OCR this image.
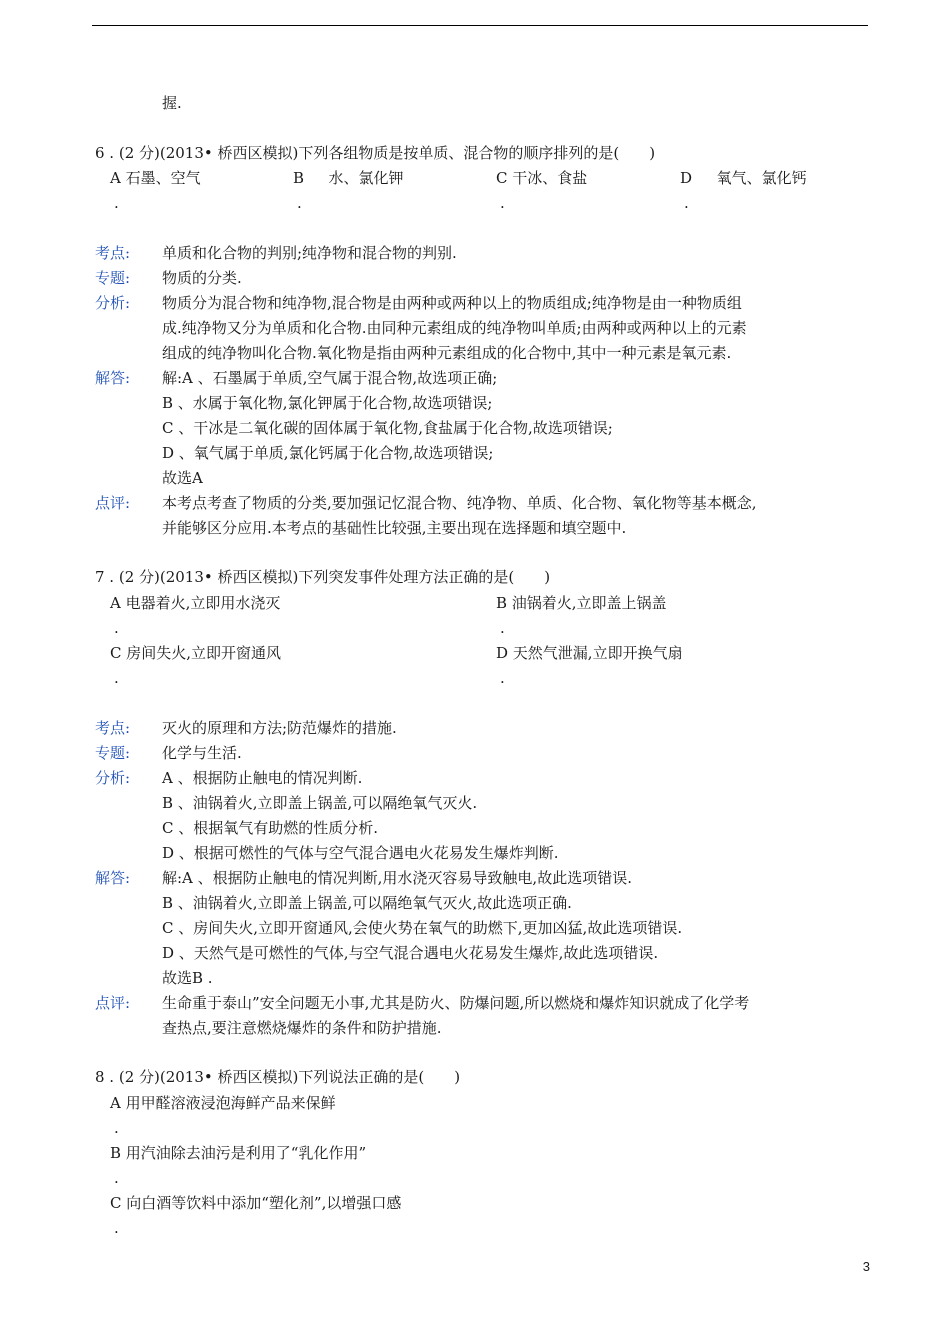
握.
6 . (2 分)(2013• 桥西区模拟)下列各组物质是按单质、混合物的顺序排列的是(　　)
A 石墨、空气	B  　水、氯化钾	C 干冰、食盐	D  　氧气、氯化钙
.	.	.	.
考点: 单质和化合物的判别;纯净物和混合物的判别.
专题: 物质的分类.
分析: 物质分为混合物和纯净物,混合物是由两种或两种以上的物质组成;纯净物是由一种物质组
成.纯净物又分为单质和化合物.由同种元素组成的纯净物叫单质;由两种或两种以上的元素
组成的纯净物叫化合物.氧化物是指由两种元素组成的化合物中,其中一种元素是氧元素.
解答: 解:A 、石墨属于单质,空气属于混合物,故选项正确;
B 、水属于氧化物,氯化钾属于化合物,故选项错误;
C 、干冰是二氧化碳的固体属于氧化物,食盐属于化合物,故选项错误;
D 、氧气属于单质,氯化钙属于化合物,故选项错误;
故选A
点评: 本考点考查了物质的分类,要加强记忆混合物、纯净物、单质、化合物、氧化物等基本概念,
并能够区分应用.本考点的基础性比较强,主要出现在选择题和填空题中.
7 . (2 分)(2013• 桥西区模拟)下列突发事件处理方法正确的是(　　)
A 电器着火,立即用水浇灭	B 油锅着火,立即盖上锅盖
.	.
C 房间失火,立即开窗通风	D 天然气泄漏,立即开换气扇
.	.
考点: 灭火的原理和方法;防范爆炸的措施.
专题: 化学与生活.
分析: A 、根据防止触电的情况判断.
B 、油锅着火,立即盖上锅盖,可以隔绝氧气灭火.
C 、根据氧气有助燃的性质分析.
D 、根据可燃性的气体与空气混合遇电火花易发生爆炸判断.
解答: 解:A 、根据防止触电的情况判断,用水浇灭容易导致触电,故此选项错误.
B 、油锅着火,立即盖上锅盖,可以隔绝氧气灭火,故此选项正确.
C 、房间失火,立即开窗通风,会使火势在氧气的助燃下,更加凶猛,故此选项错误.
D 、天然气是可燃性的气体,与空气混合遇电火花易发生爆炸,故此选项错误.
故选B .
点评: 生命重于泰山”安全问题无小事,尤其是防火、防爆问题,所以燃烧和爆炸知识就成了化学考
查热点,要注意燃烧爆炸的条件和防护措施.
8 . (2 分)(2013• 桥西区模拟)下列说法正确的是(　　)
A 用甲醛溶液浸泡海鲜产品来保鲜
.
B 用汽油除去油污是利用了“乳化作用”
.
C 向白酒等饮料中添加“塑化剂”,以增强口感
.
3
